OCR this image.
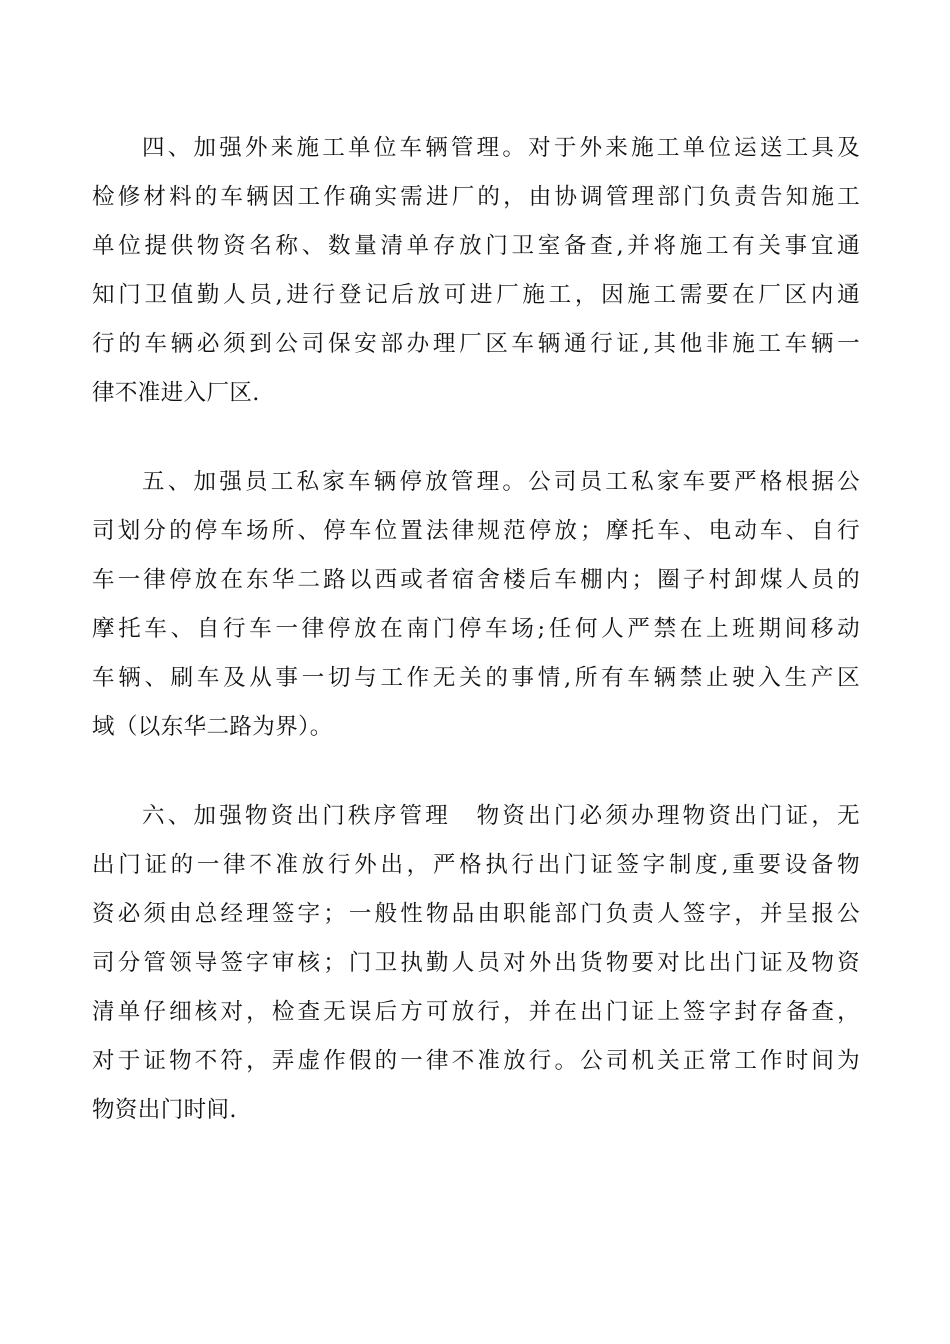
四、加强外来施工单位车辆管理。对于外来施工单位运送工具及
检修材料的车辆因工作确实需进厂的，由协调管理部门负责告知施工
单位提供物资名称、数量清单存放门卫室备查,并将施工有关事宜通
知门卫值勤人员,进行登记后放可进厂施工，因施工需要在厂区内通
行的车辆必须到公司保安部办理厂区车辆通行证,其他非施工车辆一
律不准进入厂区.
五、加强员工私家车辆停放管理。公司员工私家车要严格根据公
司划分的停车场所、停车位置法律规范停放；摩托车、电动车、自行
车一律停放在东华二路以西或者宿舍楼后车棚内；圈子村卸煤人员的
摩托车、自行车一律停放在南门停车场;任何人严禁在上班期间移动
车辆、刷车及从事一切与工作无关的事情,所有车辆禁止驶入生产区
域（以东华二路为界）。
六、加强物资出门秩序管理　物资出门必须办理物资出门证，无
出门证的一律不准放行外出，严格执行出门证签字制度,重要设备物
资必须由总经理签字；一般性物品由职能部门负责人签字，并呈报公
司分管领导签字审核；门卫执勤人员对外出货物要对比出门证及物资
清单仔细核对，检查无误后方可放行，并在出门证上签字封存备查，
对于证物不符，弄虚作假的一律不准放行。公司机关正常工作时间为
物资出门时间.
